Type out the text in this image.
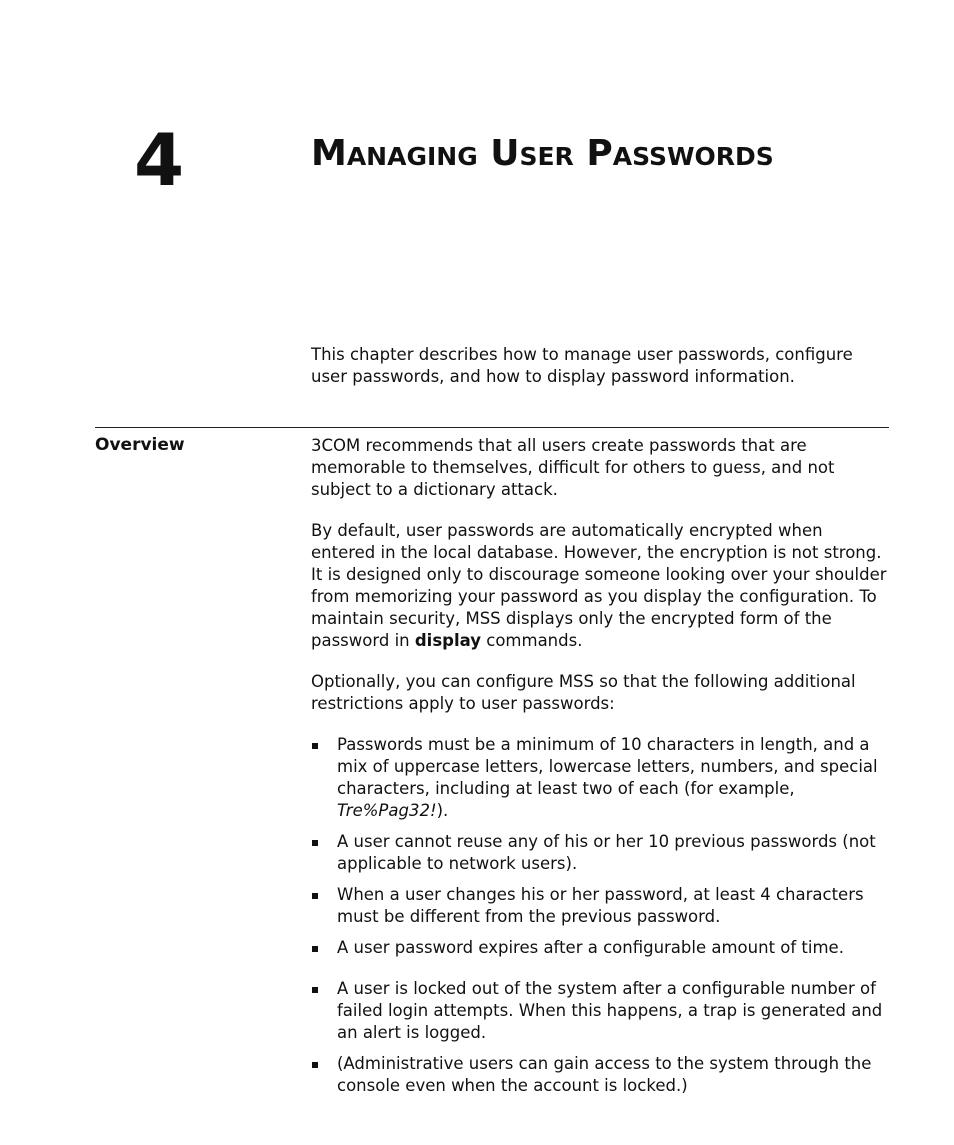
4	Managing User Passwords

This chapter describes how to manage user passwords, configure user passwords, and how to display password information.

Overview	3COM recommends that all users create passwords that are memorable to themselves, difficult for others to guess, and not subject to a dictionary attack.

By default, user passwords are automatically encrypted when entered in the local database. However, the encryption is not strong. It is designed only to discourage someone looking over your shoulder from memorizing your password as you display the configuration. To maintain security, MSS displays only the encrypted form of the password in display commands.

Optionally, you can configure MSS so that the following additional restrictions apply to user passwords:

Passwords must be a minimum of 10 characters in length, and a mix of uppercase letters, lowercase letters, numbers, and special characters, including at least two of each (for example, Tre%Pag32!).
A user cannot reuse any of his or her 10 previous passwords (not applicable to network users).
When a user changes his or her password, at least 4 characters must be different from the previous password.
A user password expires after a configurable amount of time.
A user is locked out of the system after a configurable number of failed login attempts. When this happens, a trap is generated and an alert is logged.
(Administrative users can gain access to the system through the console even when the account is locked.)
